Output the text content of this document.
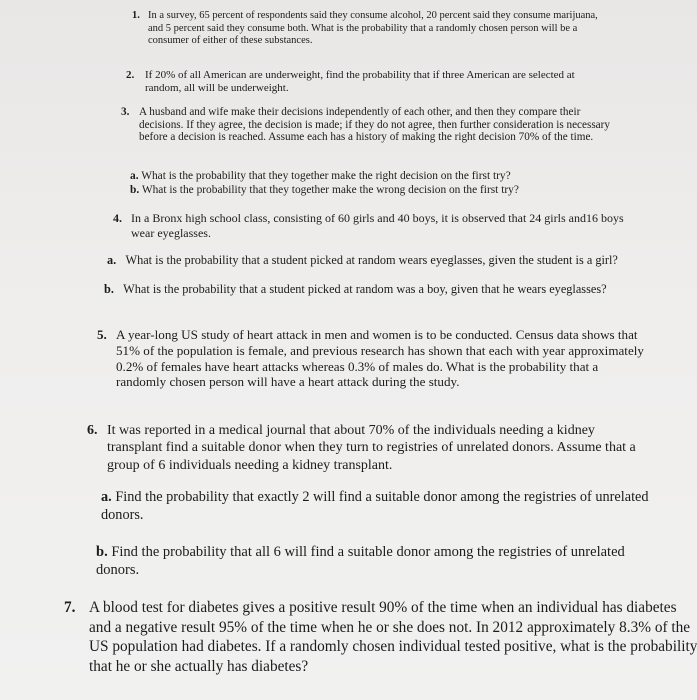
1. In a survey, 65 percent of respondents said they consume alcohol, 20 percent said they consume marijuana, and 5 percent said they consume both. What is the probability that a randomly chosen person will be a consumer of either of these substances.
2. If 20% of all American are underweight, find the probability that if three American are selected at random, all will be underweight.
3. A husband and wife make their decisions independently of each other, and then they compare their decisions. If they agree, the decision is made; if they do not agree, then further consideration is necessary before a decision is reached. Assume each has a history of making the right decision 70% of the time.
a. What is the probability that they together make the right decision on the first try?
b. What is the probability that they together make the wrong decision on the first try?
4. In a Bronx high school class, consisting of 60 girls and 40 boys, it is observed that 24 girls and16 boys wear eyeglasses.
a. What is the probability that a student picked at random wears eyeglasses, given the student is a girl?
b. What is the probability that a student picked at random was a boy, given that he wears eyeglasses?
5. A year-long US study of heart attack in men and women is to be conducted. Census data shows that 51% of the population is female, and previous research has shown that each with year approximately 0.2% of females have heart attacks whereas 0.3% of males do. What is the probability that a randomly chosen person will have a heart attack during the study.
6. It was reported in a medical journal that about 70% of the individuals needing a kidney transplant find a suitable donor when they turn to registries of unrelated donors. Assume that a group of 6 individuals needing a kidney transplant.
a. Find the probability that exactly 2 will find a suitable donor among the registries of unrelated donors.
b. Find the probability that all 6 will find a suitable donor among the registries of unrelated donors.
7. A blood test for diabetes gives a positive result 90% of the time when an individual has diabetes and a negative result 95% of the time when he or she does not. In 2012 approximately 8.3% of the US population had diabetes. If a randomly chosen individual tested positive, what is the probability that he or she actually has diabetes?
